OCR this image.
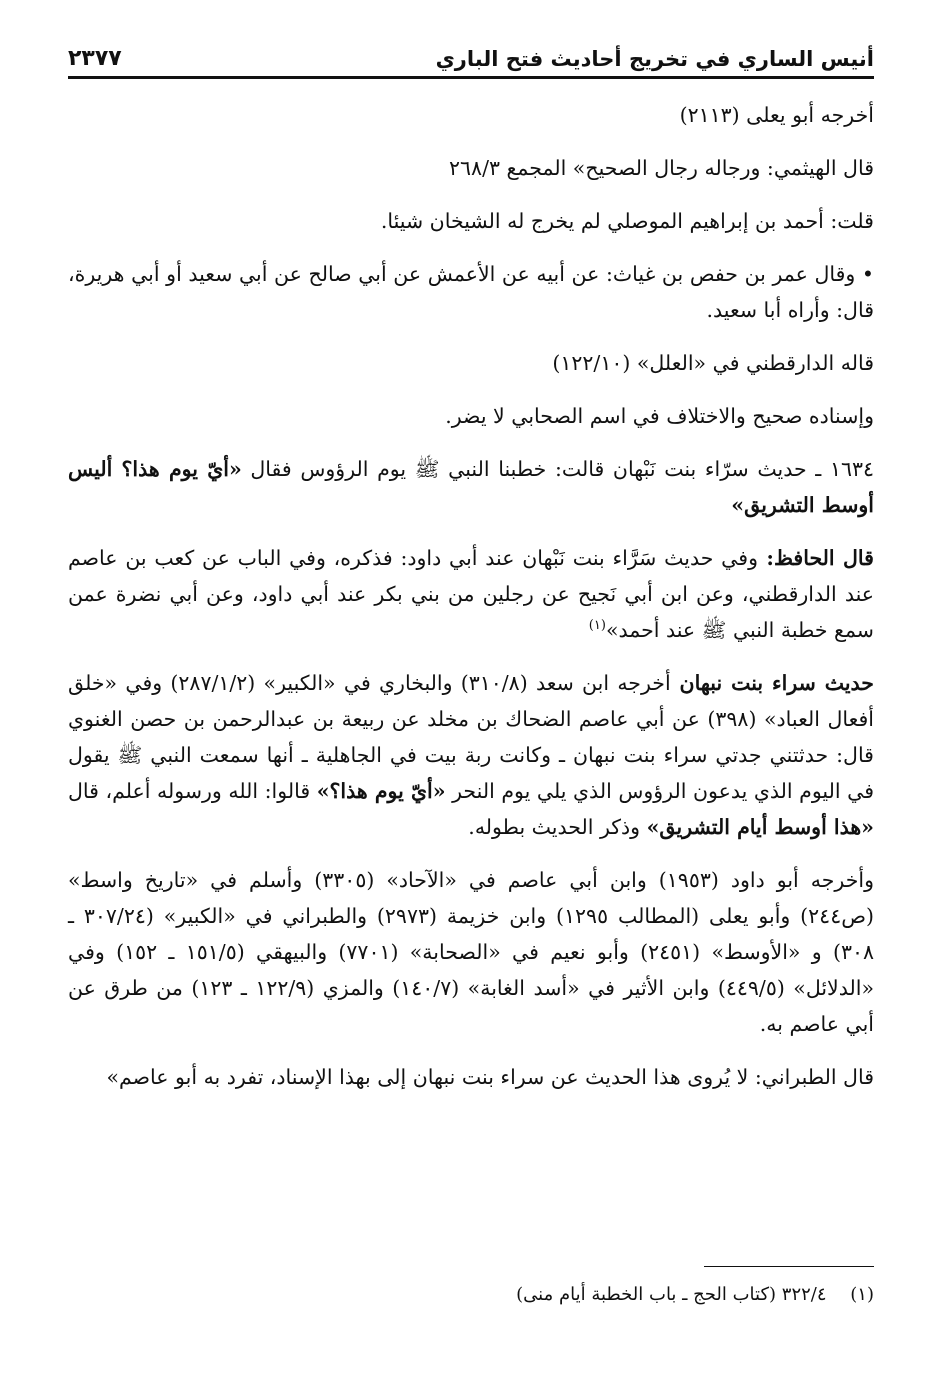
أنيس الساري في تخريج أحاديث فتح الباري
٢٣٧٧

أخرجه أبو يعلى (٢١١٣)

قال الهيثمي: ورجاله رجال الصحيح» المجمع ٢٦٨/٣

قلت: أحمد بن إبراهيم الموصلي لم يخرج له الشيخان شيئا.

• وقال عمر بن حفص بن غياث: عن أبيه عن الأعمش عن أبي صالح عن أبي سعيد أو أبي هريرة، قال: وأراه أبا سعيد.

قاله الدارقطني في «العلل» (١٢٢/١٠)

وإسناده صحيح والاختلاف في اسم الصحابي لا يضر.

١٦٣٤ ـ حديث سرّاء بنت نَبْهان قالت: خطبنا النبي ﷺ يوم الرؤوس فقال «أيّ يوم هذا؟ أليس أوسط التشريق»

قال الحافظ: وفي حديث سَرَّاء بنت نَبْهان عند أبي داود: فذكره، وفي الباب عن كعب بن عاصم عند الدارقطني، وعن ابن أبي نَجيح عن رجلين من بني بكر عند أبي داود، وعن أبي نضرة عمن سمع خطبة النبي ﷺ عند أحمد»$^{(١)}$

حديث سراء بنت نبهان أخرجه ابن سعد (٣١٠/٨) والبخاري في «الكبير» (٢٨٧/١/٢) وفي «خلق أفعال العباد» (٣٩٨) عن أبي عاصم الضحاك بن مخلد عن ربيعة بن عبدالرحمن بن حصن الغنوي قال: حدثتني جدتي سراء بنت نبهان ـ وكانت ربة بيت في الجاهلية ـ أنها سمعت النبي ﷺ يقول في اليوم الذي يدعون الرؤوس الذي يلي يوم النحر «أيّ يوم هذا؟» قالوا: الله ورسوله أعلم، قال «هذا أوسط أيام التشريق» وذكر الحديث بطوله.

وأخرجه أبو داود (١٩٥٣) وابن أبي عاصم في «الآحاد» (٣٣٠٥) وأسلم في «تاريخ واسط» (ص٢٤٤) وأبو يعلى (المطالب ١٢٩٥) وابن خزيمة (٢٩٧٣) والطبراني في «الكبير» (٣٠٧/٢٤ ـ ٣٠٨) و «الأوسط» (٢٤٥١) وأبو نعيم في «الصحابة» (٧٧٠١) والبيهقي (١٥١/٥ ـ ١٥٢) وفي «الدلائل» (٤٤٩/٥) وابن الأثير في «أسد الغابة» (١٤٠/٧) والمزي (١٢٢/٩ ـ ١٢٣) من طرق عن أبي عاصم به.

قال الطبراني: لا يُروى هذا الحديث عن سراء بنت نبهان إلى بهذا الإسناد، تفرد به أبو عاصم»

(١) ٣٢٢/٤ (كتاب الحج ـ باب الخطبة أيام منى)
